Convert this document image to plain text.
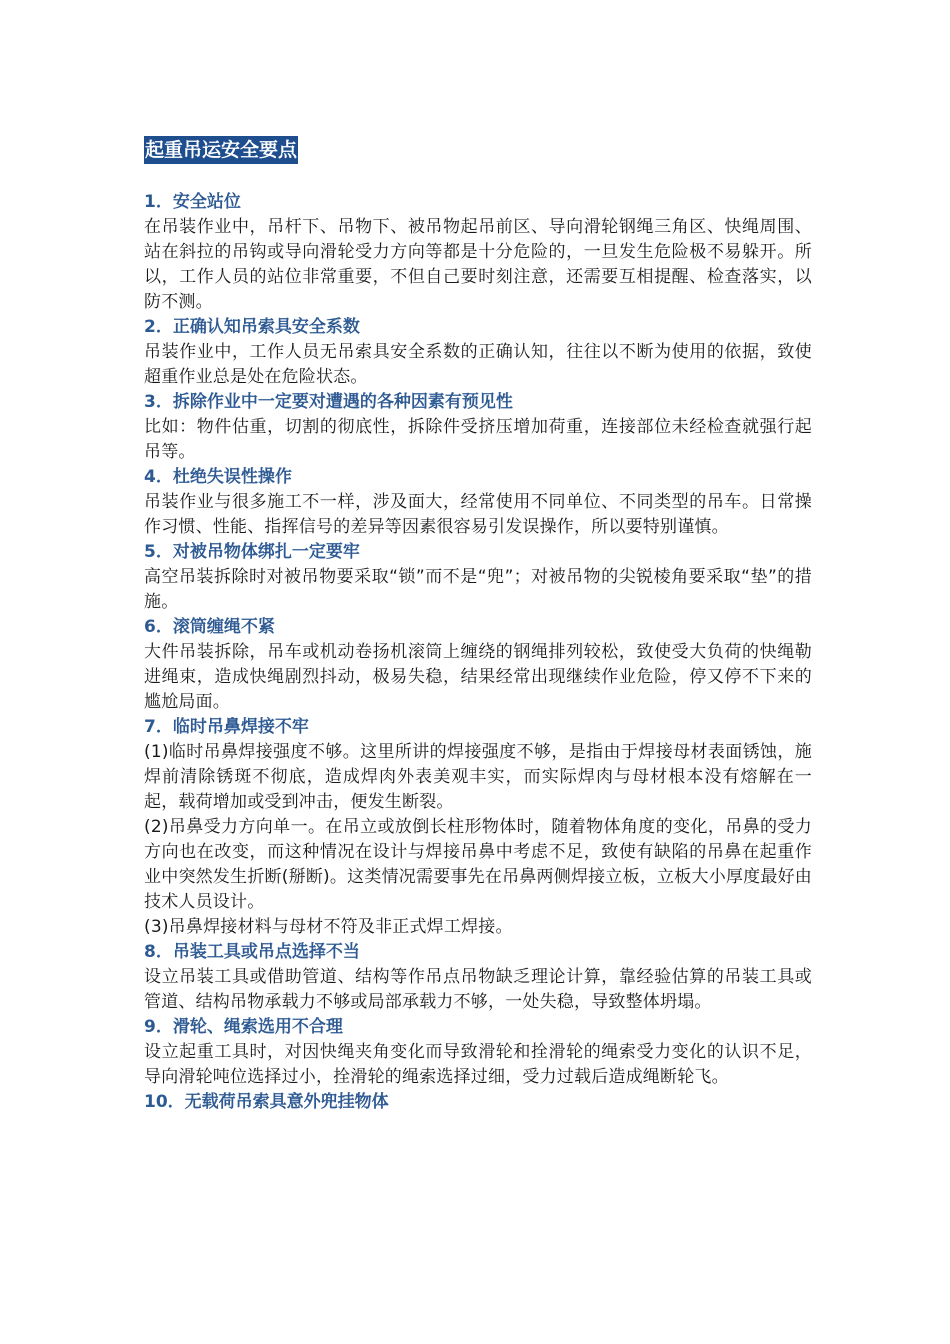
起重吊运安全要点

1．安全站位

在吊装作业中，吊杆下、吊物下、被吊物起吊前区、导向滑轮钢绳三角区、快绳周围、站在斜拉的吊钩或导向滑轮受力方向等都是十分危险的，一旦发生危险极不易躲开。所以，工作人员的站位非常重要，不但自己要时刻注意，还需要互相提醒、检查落实，以防不测。

2．正确认知吊索具安全系数

吊装作业中，工作人员无吊索具安全系数的正确认知，往往以不断为使用的依据，致使超重作业总是处在危险状态。

3．拆除作业中一定要对遭遇的各种因素有预见性

比如：物件估重，切割的彻底性，拆除件受挤压增加荷重，连接部位未经检查就强行起吊等。

4．杜绝失误性操作

吊装作业与很多施工不一样，涉及面大，经常使用不同单位、不同类型的吊车。日常操作习惯、性能、指挥信号的差异等因素很容易引发误操作，所以要特别谨慎。

5．对被吊物体绑扎一定要牢

高空吊装拆除时对被吊物要采取“锁”而不是“兜”；对被吊物的尖锐棱角要采取“垫”的措施。

6．滚筒缠绳不紧

大件吊装拆除，吊车或机动卷扬机滚筒上缠绕的钢绳排列较松，致使受大负荷的快绳勒进绳束，造成快绳剧烈抖动，极易失稳，结果经常出现继续作业危险，停又停不下来的尴尬局面。

7．临时吊鼻焊接不牢

(1)临时吊鼻焊接强度不够。这里所讲的焊接强度不够，是指由于焊接母材表面锈蚀，施焊前清除锈斑不彻底，造成焊肉外表美观丰实，而实际焊肉与母材根本没有熔解在一起，载荷增加或受到冲击，便发生断裂。

(2)吊鼻受力方向单一。在吊立或放倒长柱形物体时，随着物体角度的变化，吊鼻的受力方向也在改变，而这种情况在设计与焊接吊鼻中考虑不足，致使有缺陷的吊鼻在起重作业中突然发生折断(掰断)。这类情况需要事先在吊鼻两侧焊接立板，立板大小厚度最好由技术人员设计。

(3)吊鼻焊接材料与母材不符及非正式焊工焊接。

8．吊装工具或吊点选择不当

设立吊装工具或借助管道、结构等作吊点吊物缺乏理论计算，靠经验估算的吊装工具或管道、结构吊物承载力不够或局部承载力不够，一处失稳，导致整体坍塌。

9．滑轮、绳索选用不合理

设立起重工具时，对因快绳夹角变化而导致滑轮和拴滑轮的绳索受力变化的认识不足，导向滑轮吨位选择过小，拴滑轮的绳索选择过细，受力过载后造成绳断轮飞。

10．无载荷吊索具意外兜挂物体
